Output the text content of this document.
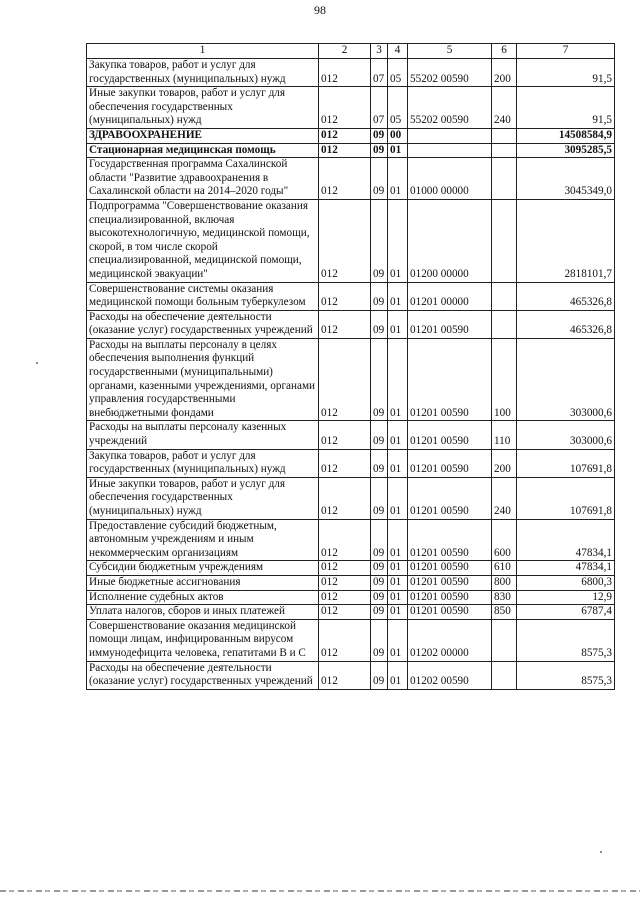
98
1	2	3	4	5	6	7
Закупка товаров, работ и услуг для государственных (муниципальных) нужд	012	07	05	55202 00590	200	91,5
Иные закупки товаров, работ и услуг для обеспечения государственных (муниципальных) нужд	012	07	05	55202 00590	240	91,5
ЗДРАВООХРАНЕНИЕ	012	09	00			14508584,9
Стационарная медицинская помощь	012	09	01			3095285,5
Государственная программа Сахалинской области "Развитие здравоохранения в Сахалинской области на 2014–2020 годы"	012	09	01	01000 00000		3045349,0
Подпрограмма "Совершенствование оказания специализированной, включая высокотехнологичную, медицинской помощи, скорой, в том числе скорой специализированной, медицинской помощи, медицинской эвакуации"	012	09	01	01200 00000		2818101,7
Совершенствование системы оказания медицинской помощи больным туберкулезом	012	09	01	01201 00000		465326,8
Расходы на обеспечение деятельности (оказание услуг) государственных учреждений	012	09	01	01201 00590		465326,8
Расходы на выплаты персоналу в целях обеспечения выполнения функций государственными (муниципальными) органами, казенными учреждениями, органами управления государственными внебюджетными фондами	012	09	01	01201 00590	100	303000,6
Расходы на выплаты персоналу казенных учреждений	012	09	01	01201 00590	110	303000,6
Закупка товаров, работ и услуг для государственных (муниципальных) нужд	012	09	01	01201 00590	200	107691,8
Иные закупки товаров, работ и услуг для обеспечения государственных (муниципальных) нужд	012	09	01	01201 00590	240	107691,8
Предоставление субсидий бюджетным, автономным учреждениям и иным некоммерческим организациям	012	09	01	01201 00590	600	47834,1
Субсидии бюджетным учреждениям	012	09	01	01201 00590	610	47834,1
Иные бюджетные ассигнования	012	09	01	01201 00590	800	6800,3
Исполнение судебных актов	012	09	01	01201 00590	830	12,9
Уплата налогов, сборов и иных платежей	012	09	01	01201 00590	850	6787,4
Совершенствование оказания медицинской помощи лицам, инфицированным вирусом иммунодефицита человека, гепатитами В и С	012	09	01	01202 00000		8575,3
Расходы на обеспечение деятельности (оказание услуг) государственных учреждений	012	09	01	01202 00590		8575,3
